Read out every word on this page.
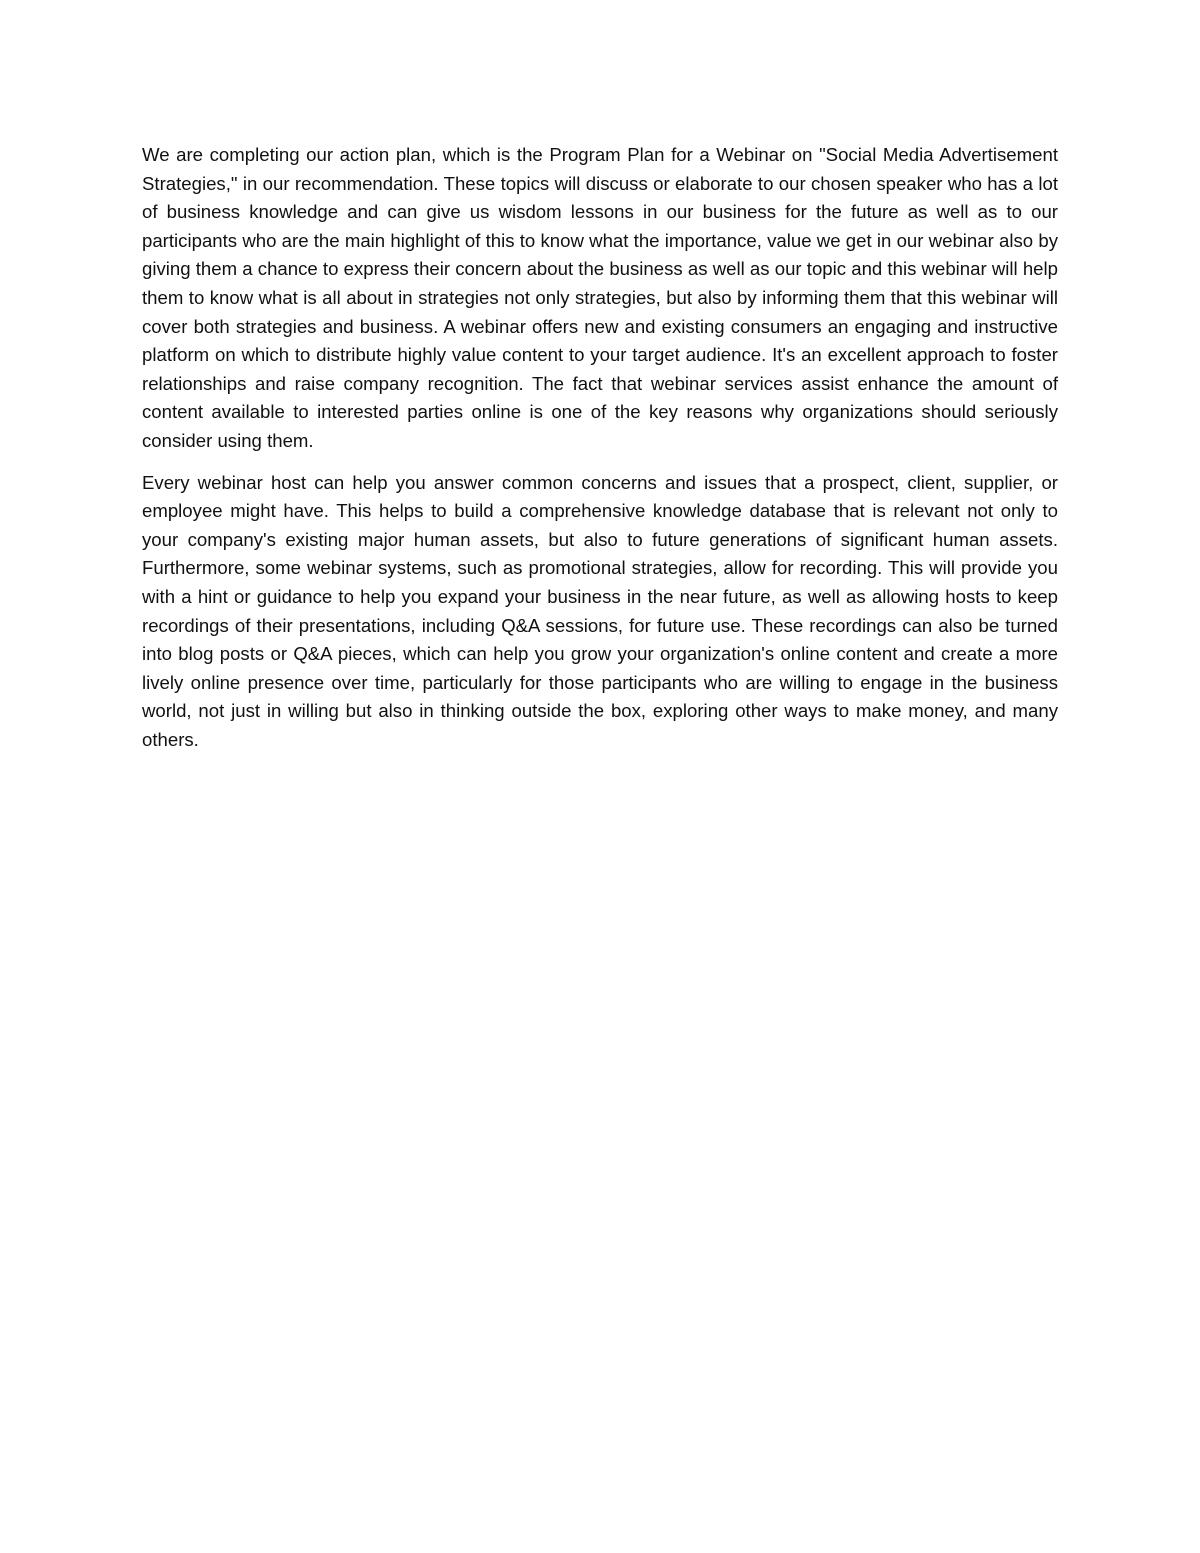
We are completing our action plan, which is the Program Plan for a Webinar on "Social Media Advertisement Strategies," in our recommendation. These topics will discuss or elaborate to our chosen speaker who has a lot of business knowledge and can give us wisdom lessons in our business for the future as well as to our participants who are the main highlight of this to know what the importance, value we get in our webinar also by giving them a chance to express their concern about the business as well as our topic and this webinar will help them to know what is all about in strategies not only strategies, but also by informing them that this webinar will cover both strategies and business. A webinar offers new and existing consumers an engaging and instructive platform on which to distribute highly value content to your target audience. It's an excellent approach to foster relationships and raise company recognition. The fact that webinar services assist enhance the amount of content available to interested parties online is one of the key reasons why organizations should seriously consider using them.

Every webinar host can help you answer common concerns and issues that a prospect, client, supplier, or employee might have. This helps to build a comprehensive knowledge database that is relevant not only to your company's existing major human assets, but also to future generations of significant human assets. Furthermore, some webinar systems, such as promotional strategies, allow for recording. This will provide you with a hint or guidance to help you expand your business in the near future, as well as allowing hosts to keep recordings of their presentations, including Q&A sessions, for future use. These recordings can also be turned into blog posts or Q&A pieces, which can help you grow your organization's online content and create a more lively online presence over time, particularly for those participants who are willing to engage in the business world, not just in willing but also in thinking outside the box, exploring other ways to make money, and many others.
